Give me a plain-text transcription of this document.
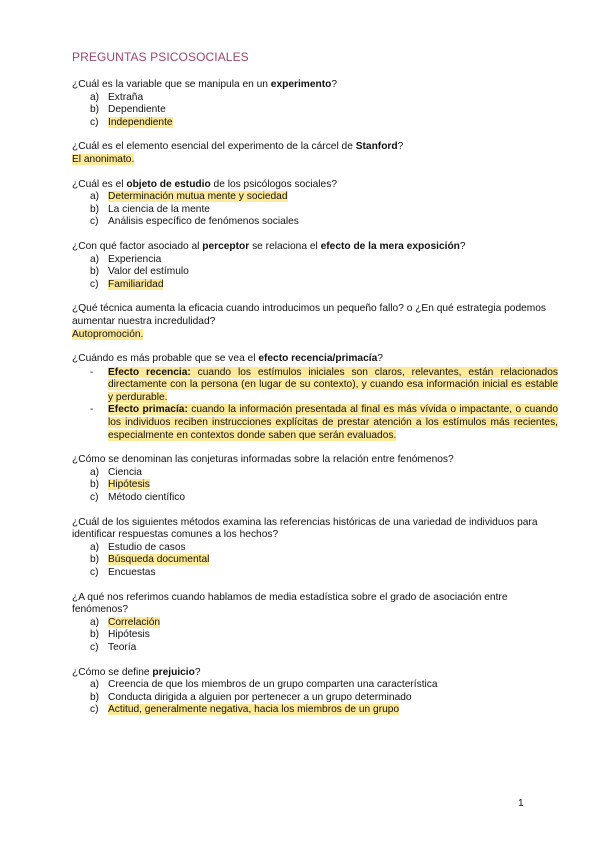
PREGUNTAS PSICOSOCIALES

¿Cuál es la variable que se manipula en un experimento?

a) Extraña
b) Dependiente
c) Independiente

¿Cuál es el elemento esencial del experimento de la cárcel de Stanford?

El anonimato.

¿Cuál es el objeto de estudio de los psicólogos sociales?

a) Determinación mutua mente y sociedad
b) La ciencia de la mente
c) Análisis específico de fenómenos sociales

¿Con qué factor asociado al perceptor se relaciona el efecto de la mera exposición?

a) Experiencia
b) Valor del estímulo
c) Familiaridad

¿Qué técnica aumenta la eficacia cuando introducimos un pequeño fallo? o ¿En qué estrategia podemos aumentar nuestra incredulidad?

Autopromoción.

¿Cuándo es más probable que se vea el efecto recencia/primacía?

- Efecto recencia: cuando los estímulos iniciales son claros, relevantes, están relacionados directamente con la persona (en lugar de su contexto), y cuando esa información inicial es estable y perdurable.
- Efecto primacía: cuando la información presentada al final es más vívida o impactante, o cuando los individuos reciben instrucciones explícitas de prestar atención a los estímulos más recientes, especialmente en contextos donde saben que serán evaluados.

¿Cómo se denominan las conjeturas informadas sobre la relación entre fenómenos?

a) Ciencia
b) Hipótesis
c) Método científico

¿Cuál de los siguientes métodos examina las referencias históricas de una variedad de individuos para identificar respuestas comunes a los hechos?

a) Estudio de casos
b) Búsqueda documental
c) Encuestas

¿A qué nos referimos cuando hablamos de media estadística sobre el grado de asociación entre fenómenos?

a) Correlación
b) Hipótesis
c) Teoría

¿Cómo se define prejuicio?

a) Creencia de que los miembros de un grupo comparten una característica
b) Conducta dirigida a alguien por pertenecer a un grupo determinado
c) Actitud, generalmente negativa, hacia los miembros de un grupo
1
